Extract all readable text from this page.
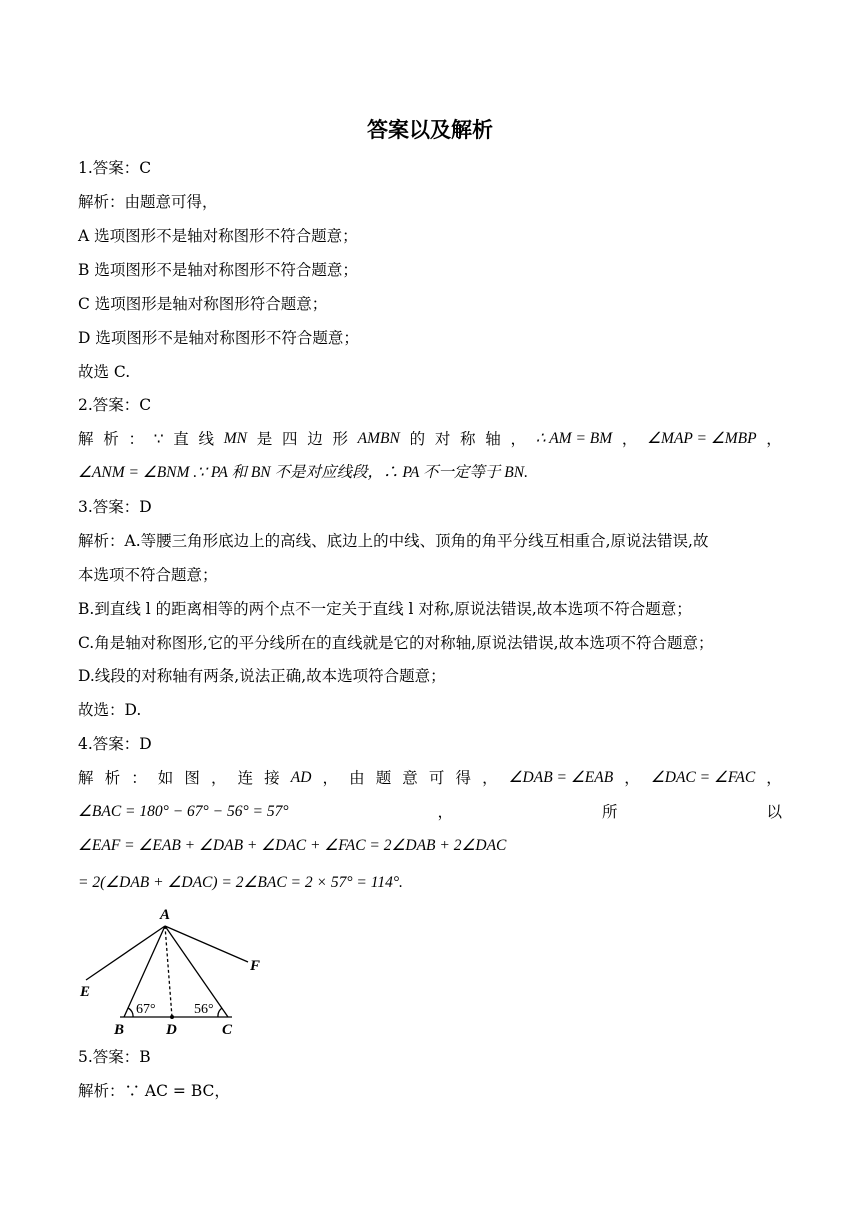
答案以及解析
1.答案：C
解析：由题意可得，
A 选项图形不是轴对称图形不符合题意；
B 选项图形不是轴对称图形不符合题意；
C 选项图形是轴对称图形符合题意；
D 选项图形不是轴对称图形不符合题意；
故选 C.
2.答案：C
解 析 ： ∵ 直 线 MN 是 四 边 形 AMBN 的 对 称 轴 ， ∴ AM = BM ， ∠MAP = ∠MBP ，
∠ANM = ∠BNM .∵ PA 和 BN 不是对应线段，∴ PA 不一定等于 BN.
3.答案：D
解析：A.等腰三角形底边上的高线、底边上的中线、顶角的角平分线互相重合,原说法错误,故
本选项不符合题意；
B.到直线 l 的距离相等的两个点不一定关于直线 l 对称,原说法错误,故本选项不符合题意；
C.角是轴对称图形,它的平分线所在的直线就是它的对称轴,原说法错误,故本选项不符合题意；
D.线段的对称轴有两条,说法正确,故本选项符合题意；
故选：D.
4.答案：D
解 析 ： 如 图 ， 连 接 AD ， 由 题 意 可 得 ， ∠DAB = ∠EAB ， ∠DAC = ∠FAC ，
∠BAC = 180° − 67° − 56° = 57°	，	所	以
∠EAF = ∠EAB + ∠DAB + ∠DAC + ∠FAC = 2∠DAB + 2∠DAC
= 2(∠DAB + ∠DAC) = 2∠BAC = 2 × 57° = 114°.
A
B	C
D
E
F
67°	56°
5.答案：B
解析：∵ AC = BC，
